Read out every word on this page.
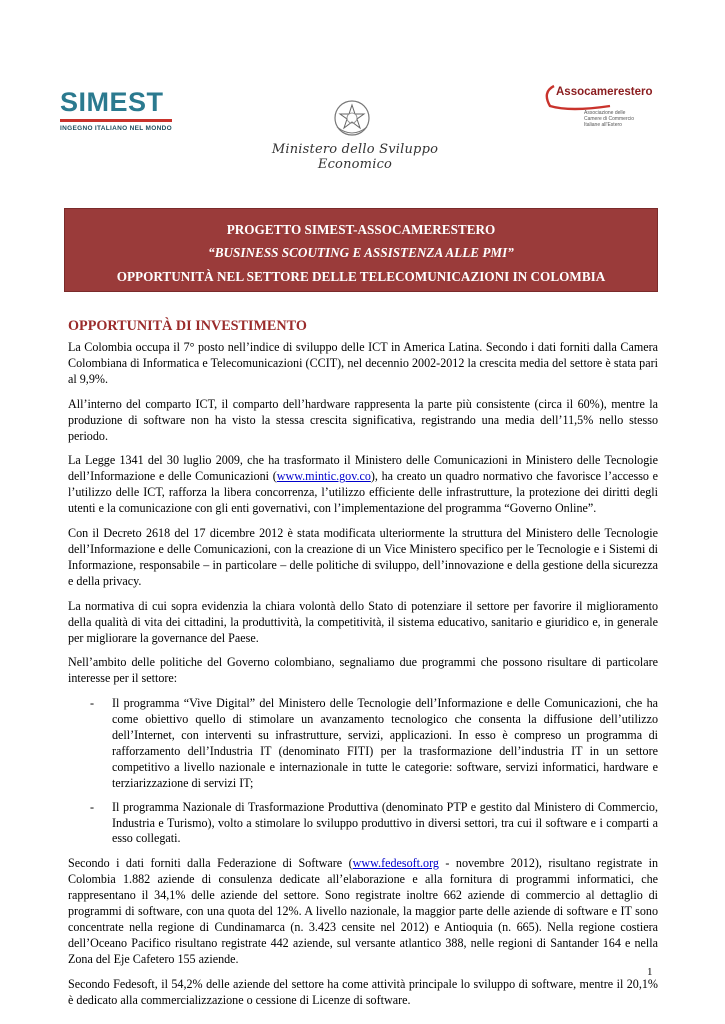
SIMEST
INGEGNO ITALIANO NEL MONDO
Ministero dello Sviluppo Economico
Assocamerestero
Associazione delle Camere di Commercio Italiane all'Estero
PROGETTO SIMEST-ASSOCAMERESTERO
“BUSINESS SCOUTING E ASSISTENZA ALLE PMI”
OPPORTUNITÀ NEL SETTORE DELLE TELECOMUNICAZIONI IN COLOMBIA
OPPORTUNITÀ DI INVESTIMENTO

La Colombia occupa il 7° posto nell’indice di sviluppo delle ICT in America Latina. Secondo i dati forniti dalla Camera Colombiana di Informatica e Telecomunicazioni (CCIT), nel decennio 2002-2012 la crescita media del settore è stata pari al 9,9%.

All’interno del comparto ICT, il comparto dell’hardware rappresenta la parte più consistente (circa il 60%), mentre la produzione di software non ha visto la stessa crescita significativa, registrando una media dell’11,5% nello stesso periodo.

La Legge 1341 del 30 luglio 2009, che ha trasformato il Ministero delle Comunicazioni in Ministero delle Tecnologie dell’Informazione e delle Comunicazioni (www.mintic.gov.co), ha creato un quadro normativo che favorisce l’accesso e l’utilizzo delle ICT, rafforza la libera concorrenza, l’utilizzo efficiente delle infrastrutture, la protezione dei diritti degli utenti e la comunicazione con gli enti governativi, con l’implementazione del programma “Governo Online”.

Con il Decreto 2618 del 17 dicembre 2012 è stata modificata ulteriormente la struttura del Ministero delle Tecnologie dell’Informazione e delle Comunicazioni, con la creazione di un Vice Ministero specifico per le Tecnologie e i Sistemi di Informazione, responsabile – in particolare – delle politiche di sviluppo, dell’innovazione e della gestione della sicurezza e della privacy.

La normativa di cui sopra evidenzia la chiara volontà dello Stato di potenziare il settore per favorire il miglioramento della qualità di vita dei cittadini, la produttività, la competitività, il sistema educativo, sanitario e giuridico e, in generale per migliorare la governance del Paese.

Nell’ambito delle politiche del Governo colombiano, segnaliamo due programmi che possono risultare di particolare interesse per il settore:

- Il programma “Vive Digital” del Ministero delle Tecnologie dell’Informazione e delle Comunicazioni, che ha come obiettivo quello di stimolare un avanzamento tecnologico che consenta la diffusione dell’utilizzo dell’Internet, con interventi su infrastrutture, servizi, applicazioni. In esso è compreso un programma di rafforzamento dell’Industria IT (denominato FITI) per la trasformazione dell’industria IT in un settore competitivo a livello nazionale e internazionale in tutte le categorie: software, servizi informatici, hardware e terziarizzazione di servizi IT;
- Il programma Nazionale di Trasformazione Produttiva (denominato PTP e gestito dal Ministero di Commercio, Industria e Turismo), volto a stimolare lo sviluppo produttivo in diversi settori, tra cui il software e i comparti a esso collegati.

Secondo i dati forniti dalla Federazione di Software (www.fedesoft.org - novembre 2012), risultano registrate in Colombia 1.882 aziende di consulenza dedicate all’elaborazione e alla fornitura di programmi informatici, che rappresentano il 34,1% delle aziende del settore. Sono registrate inoltre 662 aziende di commercio al dettaglio di programmi di software, con una quota del 12%. A livello nazionale, la maggior parte delle aziende di software e IT sono concentrate nella regione di Cundinamarca (n. 3.423 censite nel 2012) e Antioquia (n. 665). Nella regione costiera dell’Oceano Pacifico risultano registrate 442 aziende, sul versante atlantico 388, nelle regioni di Santander 164 e nella Zona del Eje Cafetero 155 aziende.

Secondo Fedesoft, il 54,2% delle aziende del settore ha come attività principale lo sviluppo di software, mentre il 20,1% è dedicato alla commercializzazione o cessione di Licenze di software.

1
